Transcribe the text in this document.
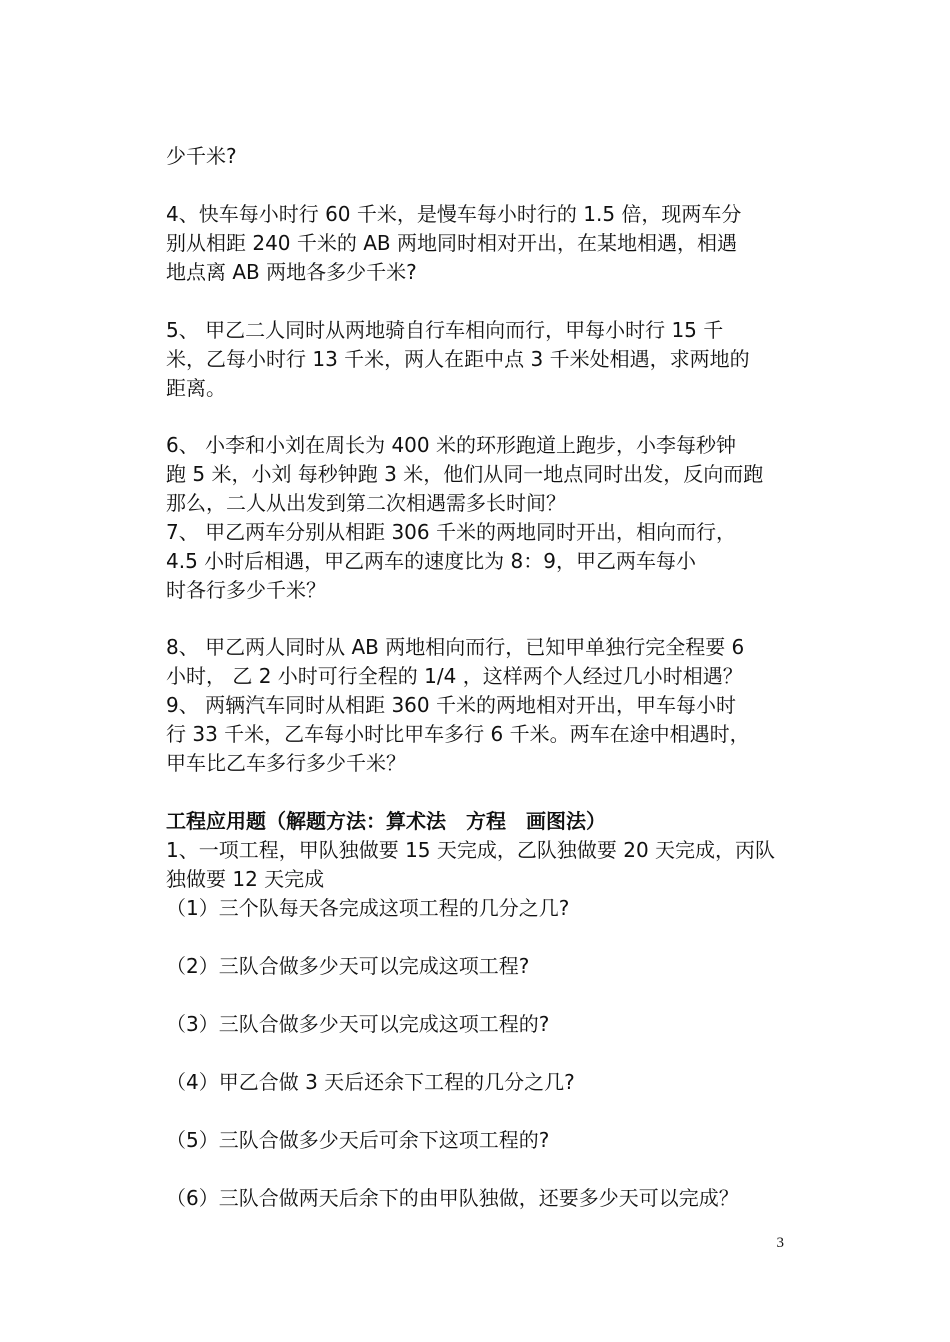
少千米?
4、快车每小时行 60 千米，是慢车每小时行的 1.5 倍，现两车分
别从相距 240 千米的 AB 两地同时相对开出，在某地相遇，相遇
地点离 AB 两地各多少千米?
5、 甲乙二人同时从两地骑自行车相向而行，甲每小时行 15 千
米，乙每小时行 13 千米，两人在距中点 3 千米处相遇，求两地的
距离。
6、 小李和小刘在周长为 400 米的环形跑道上跑步，小李每秒钟
跑 5 米，小刘 每秒钟跑 3 米，他们从同一地点同时出发，反向而跑
那么，二人从出发到第二次相遇需多长时间？
7、 甲乙两车分别从相距 306 千米的两地同时开出，相向而行，
4.5 小时后相遇，甲乙两车的速度比为 8：9，甲乙两车每小
时各行多少千米？
8、 甲乙两人同时从 AB 两地相向而行，已知甲单独行完全程要 6
小时， 乙 2 小时可行全程的 1/4 ，这样两个人经过几小时相遇？
9、 两辆汽车同时从相距 360 千米的两地相对开出，甲车每小时
行 33 千米，乙车每小时比甲车多行 6 千米。两车在途中相遇时，
甲车比乙车多行多少千米？
工程应用题（解题方法：算术法　方程　画图法）
1、一项工程，甲队独做要 15 天完成，乙队独做要 20 天完成，丙队
独做要 12 天完成
（1）三个队每天各完成这项工程的几分之几?
（2）三队合做多少天可以完成这项工程?
（3）三队合做多少天可以完成这项工程的?
（4）甲乙合做 3 天后还余下工程的几分之几?
（5）三队合做多少天后可余下这项工程的?
（6）三队合做两天后余下的由甲队独做，还要多少天可以完成？
3
